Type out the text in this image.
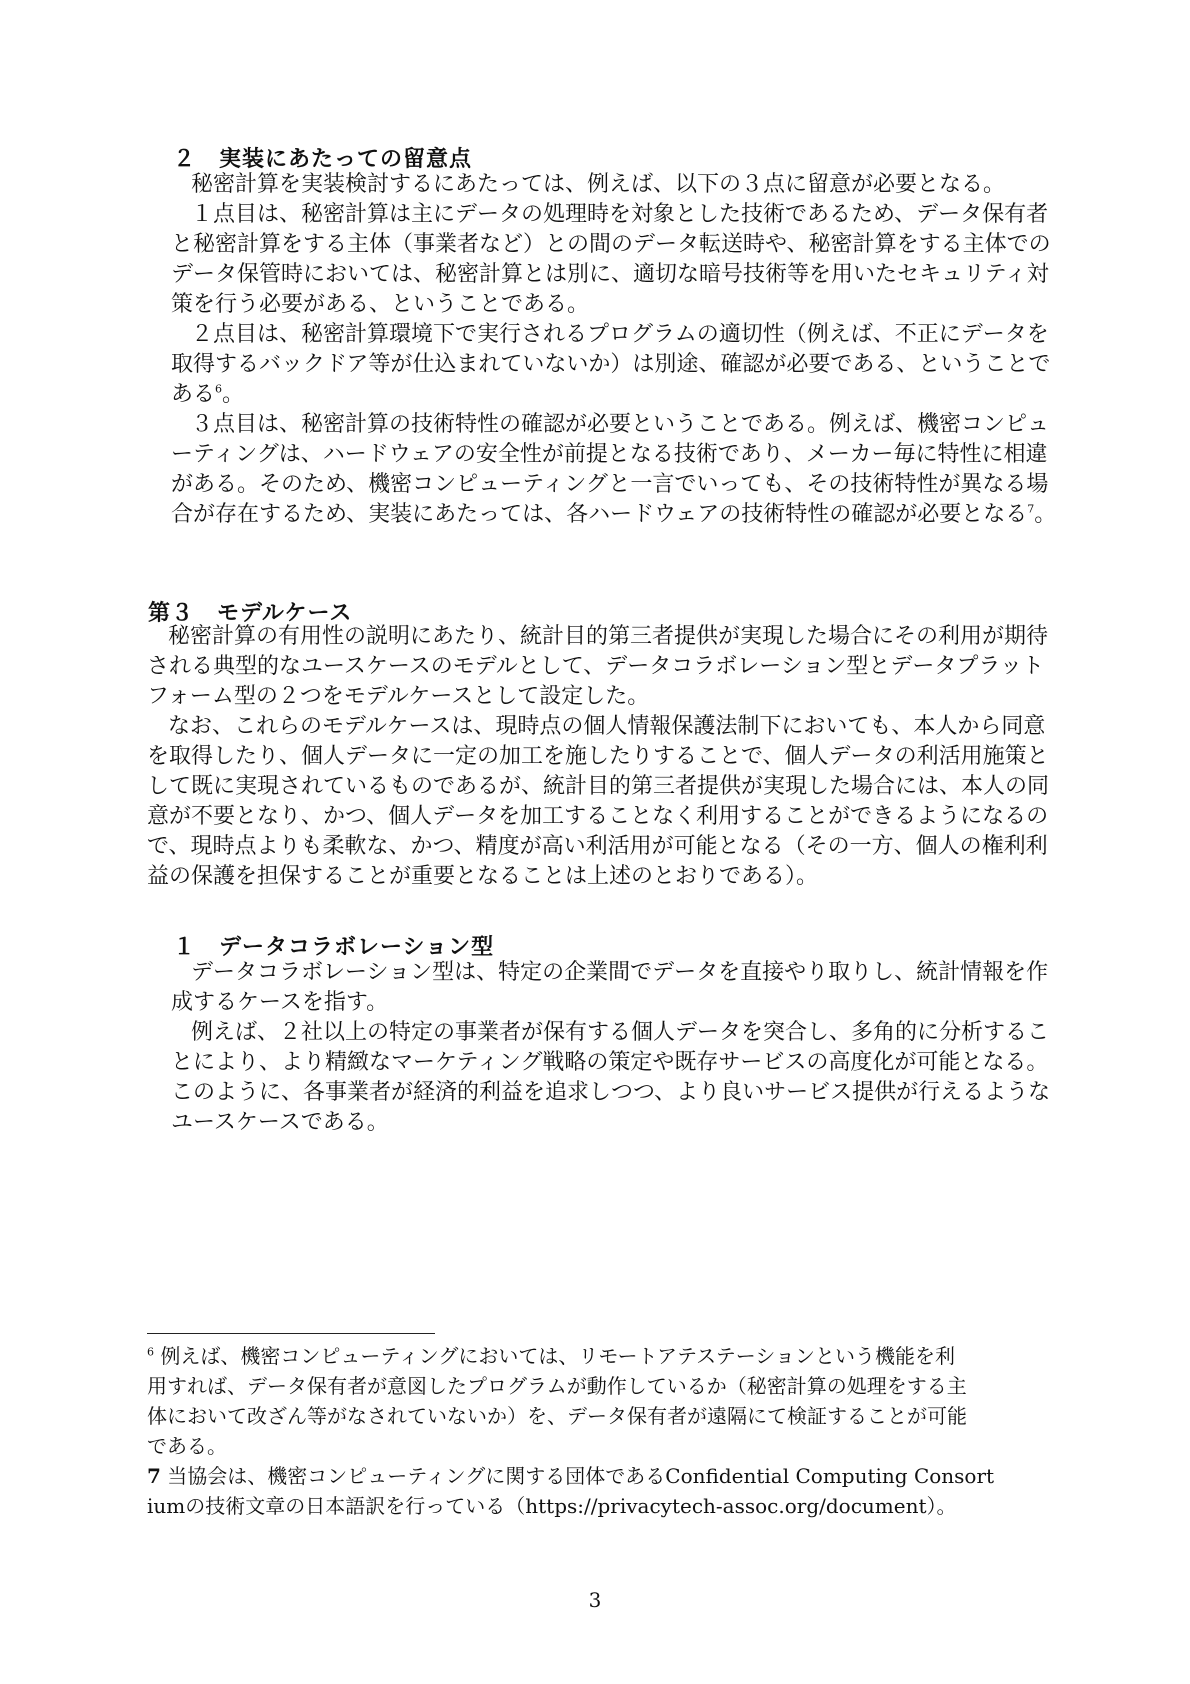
２　実装にあたっての留意点

秘密計算を実装検討するにあたっては、例えば、以下の３点に留意が必要となる。

１点目は、秘密計算は主にデータの処理時を対象とした技術であるため、データ保有者

と秘密計算をする主体（事業者など）との間のデータ転送時や、秘密計算をする主体での

データ保管時においては、秘密計算とは別に、適切な暗号技術等を用いたセキュリティ対

策を行う必要がある、ということである。

２点目は、秘密計算環境下で実行されるプログラムの適切性（例えば、不正にデータを

取得するバックドア等が仕込まれていないか）は別途、確認が必要である、ということで

ある$^6$。

３点目は、秘密計算の技術特性の確認が必要ということである。例えば、機密コンピュ

ーティングは、ハードウェアの安全性が前提となる技術であり、メーカー毎に特性に相違

がある。そのため、機密コンピューティングと一言でいっても、その技術特性が異なる場

合が存在するため、実装にあたっては、各ハードウェアの技術特性の確認が必要となる$^7$。

第３　モデルケース

秘密計算の有用性の説明にあたり、統計目的第三者提供が実現した場合にその利用が期待

される典型的なユースケースのモデルとして、データコラボレーション型とデータプラット

フォーム型の２つをモデルケースとして設定した。

なお、これらのモデルケースは、現時点の個人情報保護法制下においても、本人から同意

を取得したり、個人データに一定の加工を施したりすることで、個人データの利活用施策と

して既に実現されているものであるが、統計目的第三者提供が実現した場合には、本人の同

意が不要となり、かつ、個人データを加工することなく利用することができるようになるの

で、現時点よりも柔軟な、かつ、精度が高い利活用が可能となる（その一方、個人の権利利

益の保護を担保することが重要となることは上述のとおりである）。

１　データコラボレーション型

データコラボレーション型は、特定の企業間でデータを直接やり取りし、統計情報を作

成するケースを指す。

例えば、２社以上の特定の事業者が保有する個人データを突合し、多角的に分析するこ

とにより、より精緻なマーケティング戦略の策定や既存サービスの高度化が可能となる。

このように、各事業者が経済的利益を追求しつつ、より良いサービス提供が行えるような

ユースケースである。

$^6$ 例えば、機密コンピューティングにおいては、リモートアテステーションという機能を利

用すれば、データ保有者が意図したプログラムが動作しているか（秘密計算の処理をする主

体において改ざん等がなされていないか）を、データ保有者が遠隔にて検証することが可能

である。

7 当協会は、機密コンピューティングに関する団体であるConfidential Computing Consort

iumの技術文章の日本語訳を行っている（https://privacytech-assoc.org/document）。

3
